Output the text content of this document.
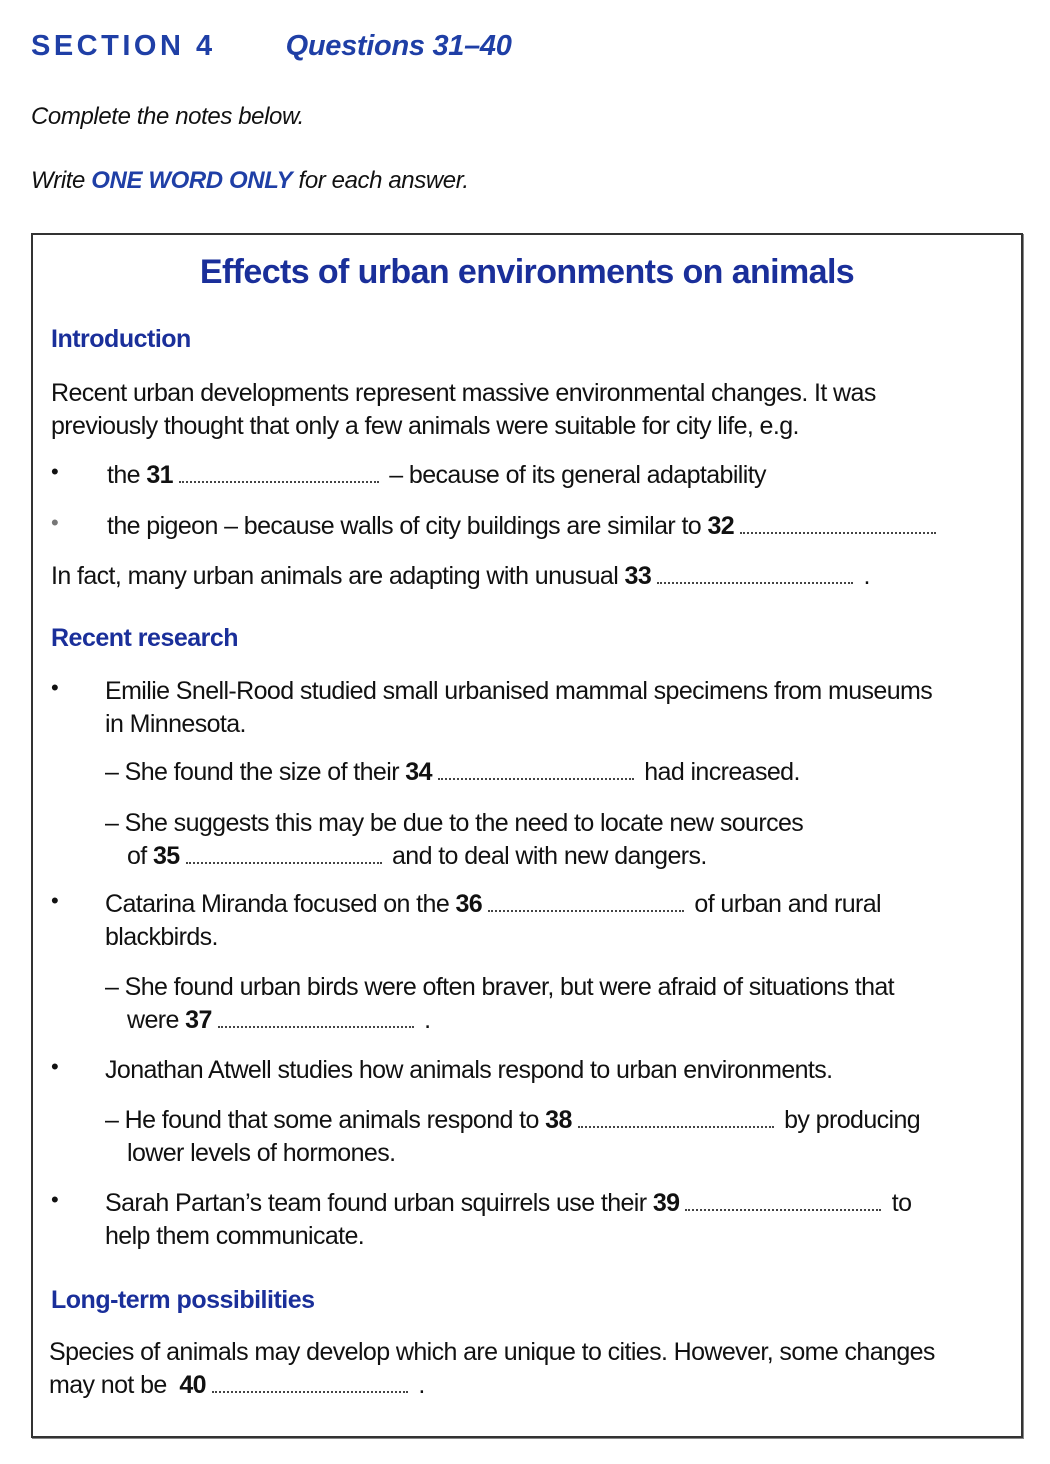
SECTION 4 Questions 31–40
Complete the notes below.
Write ONE WORD ONLY for each answer.
Effects of urban environments on animals
Introduction
Recent urban developments represent massive environmental changes. It was
previously thought that only a few animals were suitable for city life, e.g.
• the 31	– because of its general adaptability
• the pigeon – because walls of city buildings are similar to 32
In fact, many urban animals are adapting with unusual 33	.
Recent research
• Emilie Snell-Rood studied small urbanised mammal specimens from museums
in Minnesota.
– She found the size of their 34	had increased.
– She suggests this may be due to the need to locate new sources
of 35	and to deal with new dangers.
• Catarina Miranda focused on the 36	of urban and rural
blackbirds.
– She found urban birds were often braver, but were afraid of situations that
were 37	.
• Jonathan Atwell studies how animals respond to urban environments.
– He found that some animals respond to 38	by producing
lower levels of hormones.
• Sarah Partan’s team found urban squirrels use their 39	to
help them communicate.
Long-term possibilities
Species of animals may develop which are unique to cities. However, some changes
may not be  40	.
